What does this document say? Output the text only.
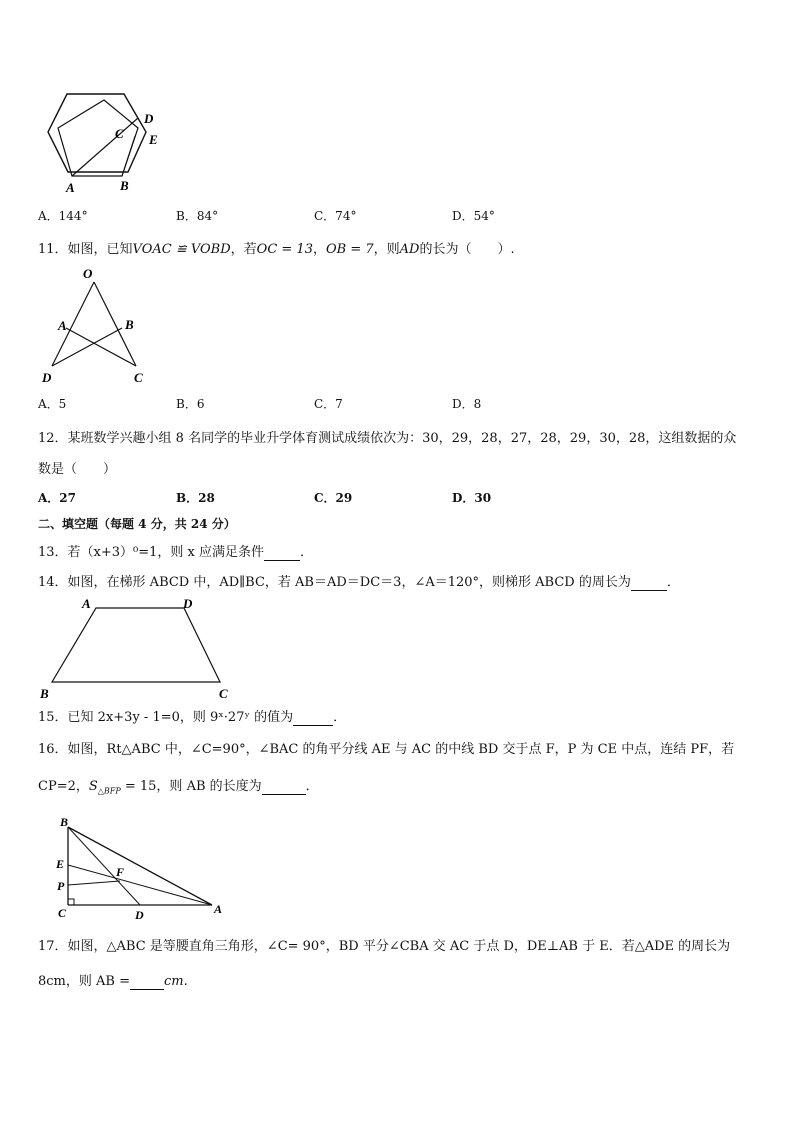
A	B
C
D
E
A．144°	B．84°	C．74°	D．54°
11．如图，已知VOAC ≌ VOBD，若OC = 13，OB = 7，则AD的长为（　　）.
O
A	B
D	C
A．5	B．6	C．7	D．8
12．某班数学兴趣小组 8 名同学的毕业升学体育测试成绩依次为：30，29，28，27，28，29，30，28，这组数据的众
数是（　　）
A．27	B．28	C．29	D．30
二、填空题（每题 4 分，共 24 分）
13．若（x+3）⁰=1，则 x 应满足条件	．
14．如图，在梯形 ABCD 中，AD∥BC，若 AB＝AD＝DC＝3，∠A＝120°，则梯形 ABCD 的周长为	．
A	D
B	C
15．已知 2x+3y - 1=0，则 9ˣ·27ʸ 的值为	．
16．如图，Rt△ABC 中，∠C=90°，∠BAC 的角平分线 AE 与 AC 的中线 BD 交于点 F，P 为 CE 中点，连结 PF，若
CP=2，$S_{\triangle BFP} = 15$，则 AB 的长度为	．
B
E
F
P
C	D	A
17．如图，△ABC 是等腰直角三角形，∠C= 90°，BD 平分∠CBA 交 AC 于点 D，DE⊥AB 于 E．若△ADE 的周长为
8cm，则 AB =	cm.
